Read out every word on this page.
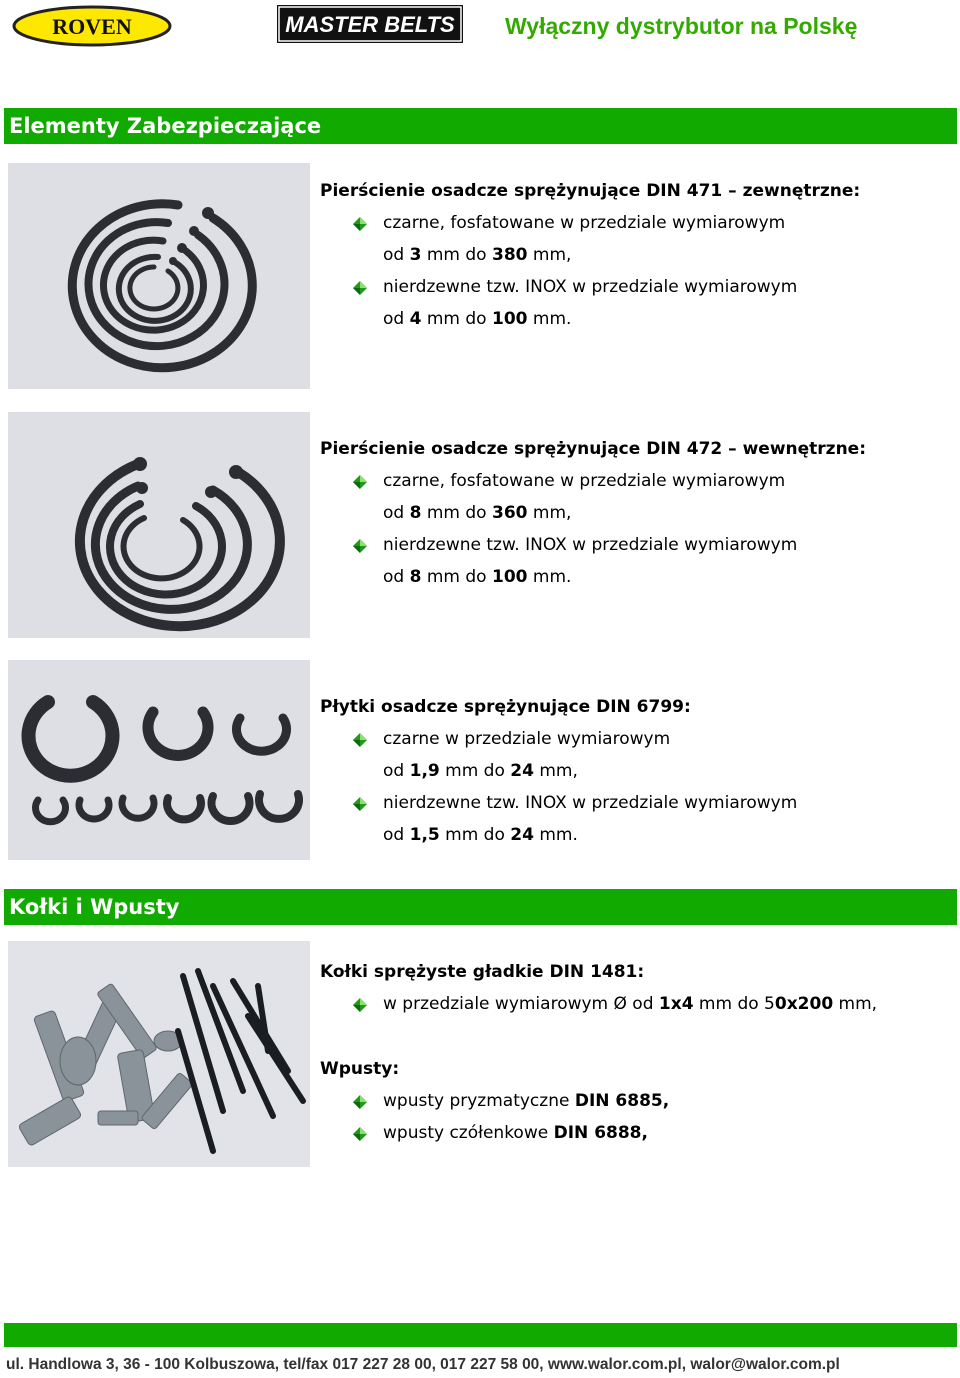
ROVEN	MASTER BELTS Wyłączny dystrybutor na Polskę
Elementy Zabezpieczające
Pierścienie osadcze sprężynujące DIN 471 – zewnętrzne:
czarne, fosfatowane w przedziale wymiarowym
od 3 mm do 380 mm,
nierdzewne tzw. INOX w przedziale wymiarowym
od 4 mm do 100 mm.
Pierścienie osadcze sprężynujące DIN 472 – wewnętrzne:
czarne, fosfatowane w przedziale wymiarowym
od 8 mm do 360 mm,
nierdzewne tzw. INOX w przedziale wymiarowym
od 8 mm do 100 mm.
Płytki osadcze sprężynujące DIN 6799:
czarne w przedziale wymiarowym
od 1,9 mm do 24 mm,
nierdzewne tzw. INOX w przedziale wymiarowym
od 1,5 mm do 24 mm.
Kołki i Wpusty
Kołki sprężyste gładkie DIN 1481:
w przedziale wymiarowym Ø od 1x4 mm do 50x200 mm,
Wpusty:
wpusty pryzmatyczne DIN 6885,
wpusty czółenkowe DIN 6888,
ul. Handlowa 3, 36 - 100 Kolbuszowa, tel/fax 017 227 28 00, 017 227 58 00, www.walor.com.pl, walor@walor.com.pl
